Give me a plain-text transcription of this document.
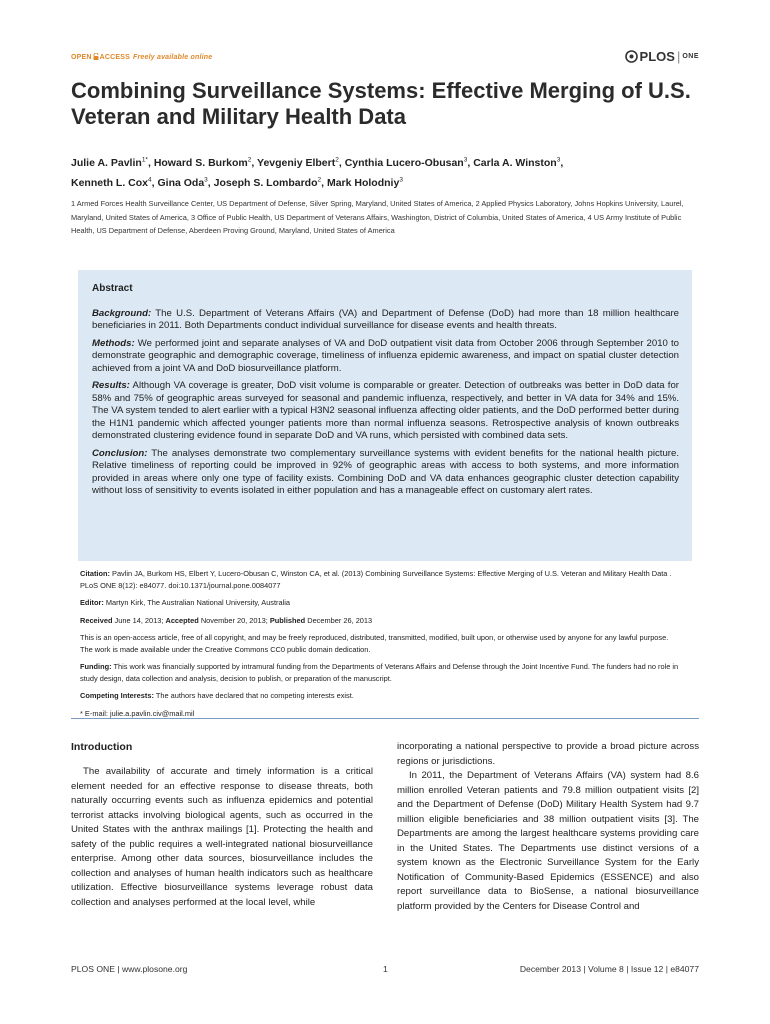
OPEN ACCESS Freely available online	PLOS | $^{ONE}$
Combining Surveillance Systems: Effective Merging of U.S. Veteran and Military Health Data
Julie A. Pavlin$^{1*}$, Howard S. Burkom$^2$, Yevgeniy Elbert$^2$, Cynthia Lucero-Obusan$^3$, Carla A. Winston$^3$,
Kenneth L. Cox$^4$, Gina Oda$^3$, Joseph S. Lombardo$^2$, Mark Holodniy$^3$
1 Armed Forces Health Surveillance Center, US Department of Defense, Silver Spring, Maryland, United States of America, 2 Applied Physics Laboratory, Johns Hopkins University, Laurel, Maryland, United States of America, 3 Office of Public Health, US Department of Veterans Affairs, Washington, District of Columbia, United States of America, 4 US Army Institute of Public Health, US Department of Defense, Aberdeen Proving Ground, Maryland, United States of America
Abstract

Background: The U.S. Department of Veterans Affairs (VA) and Department of Defense (DoD) had more than 18 million healthcare beneficiaries in 2011. Both Departments conduct individual surveillance for disease events and health threats.

Methods: We performed joint and separate analyses of VA and DoD outpatient visit data from October 2006 through September 2010 to demonstrate geographic and demographic coverage, timeliness of influenza epidemic awareness, and impact on spatial cluster detection achieved from a joint VA and DoD biosurveillance platform.

Results: Although VA coverage is greater, DoD visit volume is comparable or greater. Detection of outbreaks was better in DoD data for 58% and 75% of geographic areas surveyed for seasonal and pandemic influenza, respectively, and better in VA data for 34% and 15%. The VA system tended to alert earlier with a typical H3N2 seasonal influenza affecting older patients, and the DoD performed better during the H1N1 pandemic which affected younger patients more than normal influenza seasons. Retrospective analysis of known outbreaks demonstrated clustering evidence found in separate DoD and VA runs, which persisted with combined data sets.

Conclusion: The analyses demonstrate two complementary surveillance systems with evident benefits for the national health picture. Relative timeliness of reporting could be improved in 92% of geographic areas with access to both systems, and more information provided in areas where only one type of facility exists. Combining DoD and VA data enhances geographic cluster detection capability without loss of sensitivity to events isolated in either population and has a manageable effect on customary alert rates.

Citation: Pavlin JA, Burkom HS, Elbert Y, Lucero-Obusan C, Winston CA, et al. (2013) Combining Surveillance Systems: Effective Merging of U.S. Veteran and Military Health Data . PLoS ONE 8(12): e84077. doi:10.1371/journal.pone.0084077

Editor: Martyn Kirk, The Australian National University, Australia

Received June 14, 2013; Accepted November 20, 2013; Published December 26, 2013

This is an open-access article, free of all copyright, and may be freely reproduced, distributed, transmitted, modified, built upon, or otherwise used by anyone for any lawful purpose. The work is made available under the Creative Commons CC0 public domain dedication.

Funding: This work was financially supported by intramural funding from the Departments of Veterans Affairs and Defense through the Joint Incentive Fund. The funders had no role in study design, data collection and analysis, decision to publish, or preparation of the manuscript.

Competing Interests: The authors have declared that no competing interests exist.

* E-mail: julie.a.pavlin.civ@mail.mil

Introduction

The availability of accurate and timely information is a critical element needed for an effective response to disease threats, both naturally occurring events such as influenza epidemics and potential terrorist attacks involving biological agents, such as occurred in the United States with the anthrax mailings [1]. Protecting the health and safety of the public requires a well-integrated national biosurveillance enterprise. Among other data sources, biosurveillance includes the collection and analyses of human health indicators such as healthcare utilization. Effective biosurveillance systems leverage robust data collection and analyses performed at the local level, while

incorporating a national perspective to provide a broad picture across regions or jurisdictions.

In 2011, the Department of Veterans Affairs (VA) system had 8.6 million enrolled Veteran patients and 79.8 million outpatient visits [2] and the Department of Defense (DoD) Military Health System had 9.7 million eligible beneficiaries and 38 million outpatient visits [3]. The Departments are among the largest healthcare systems providing care in the United States. The Departments use distinct versions of a system known as the Electronic Surveillance System for the Early Notification of Community-Based Epidemics (ESSENCE) and also report surveillance data to BioSense, a national biosurveillance platform provided by the Centers for Disease Control and

PLOS ONE | www.plosone.org	1	December 2013 | Volume 8 | Issue 12 | e84077
